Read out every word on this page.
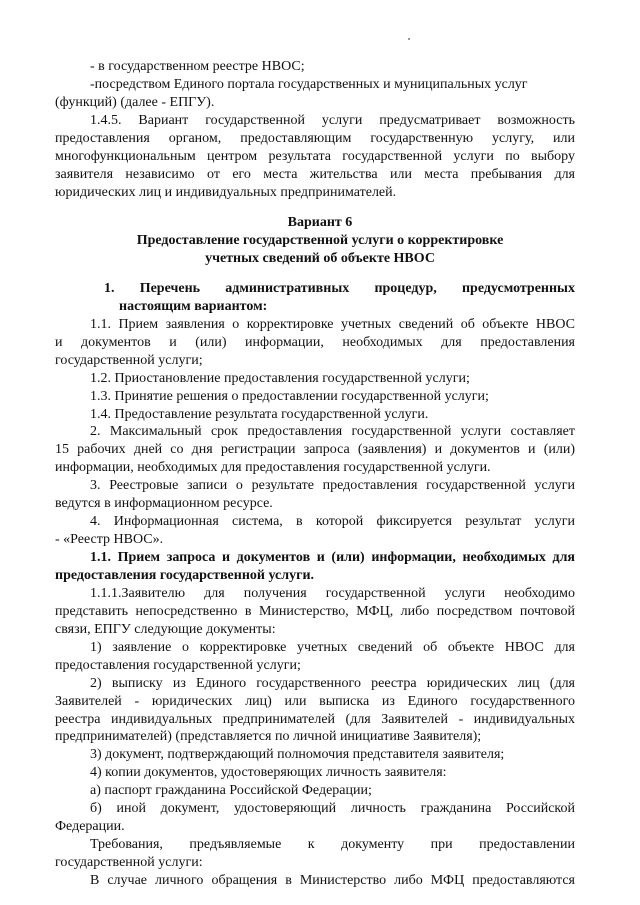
- в государственном реестре НВОС;
-посредством Единого портала государственных и муниципальных услуг
(функций) (далее - ЕПГУ).
1.4.5. Вариант государственной услуги предусматривает возможность
предоставления органом, предоставляющим государственную услугу, или
многофункциональным центром результата государственной услуги по выбору
заявителя независимо от его места жительства или места пребывания для
юридических лиц и индивидуальных предпринимателей.
Вариант 6
Предоставление государственной услуги о корректировке
учетных сведений об объекте НВОС
1. Перечень административных процедур, предусмотренных
настоящим вариантом:
1.1. Прием заявления о корректировке учетных сведений об объекте НВОС
и документов и (или) информации, необходимых для предоставления
государственной услуги;
1.2. Приостановление предоставления государственной услуги;
1.3. Принятие решения о предоставлении государственной услуги;
1.4. Предоставление результата государственной услуги.
2. Максимальный срок предоставления государственной услуги составляет
15 рабочих дней со дня регистрации запроса (заявления) и документов и (или)
информации, необходимых для предоставления государственной услуги.
3. Реестровые записи о результате предоставления государственной услуги
ведутся в информационном ресурсе.
4. Информационная система, в которой фиксируется результат услуги
- «Реестр НВОС».
1.1. Прием запроса и документов и (или) информации, необходимых для
предоставления государственной услуги.
1.1.1.Заявителю для получения государственной услуги необходимо
представить непосредственно в Министерство, МФЦ, либо посредством почтовой
связи, ЕПГУ следующие документы:
1) заявление о корректировке учетных сведений об объекте НВОС для
предоставления государственной услуги;
2) выписку из Единого государственного реестра юридических лиц (для
Заявителей - юридических лиц) или выписка из Единого государственного
реестра индивидуальных предпринимателей (для Заявителей - индивидуальных
предпринимателей) (представляется по личной инициативе Заявителя);
3) документ, подтверждающий полномочия представителя заявителя;
4) копии документов, удостоверяющих личность заявителя:
а) паспорт гражданина Российской Федерации;
б) иной документ, удостоверяющий личность гражданина Российской
Федерации.
Требования, предъявляемые к документу при предоставлении
государственной услуги:
В случае личного обращения в Министерство либо МФЦ предоставляются
